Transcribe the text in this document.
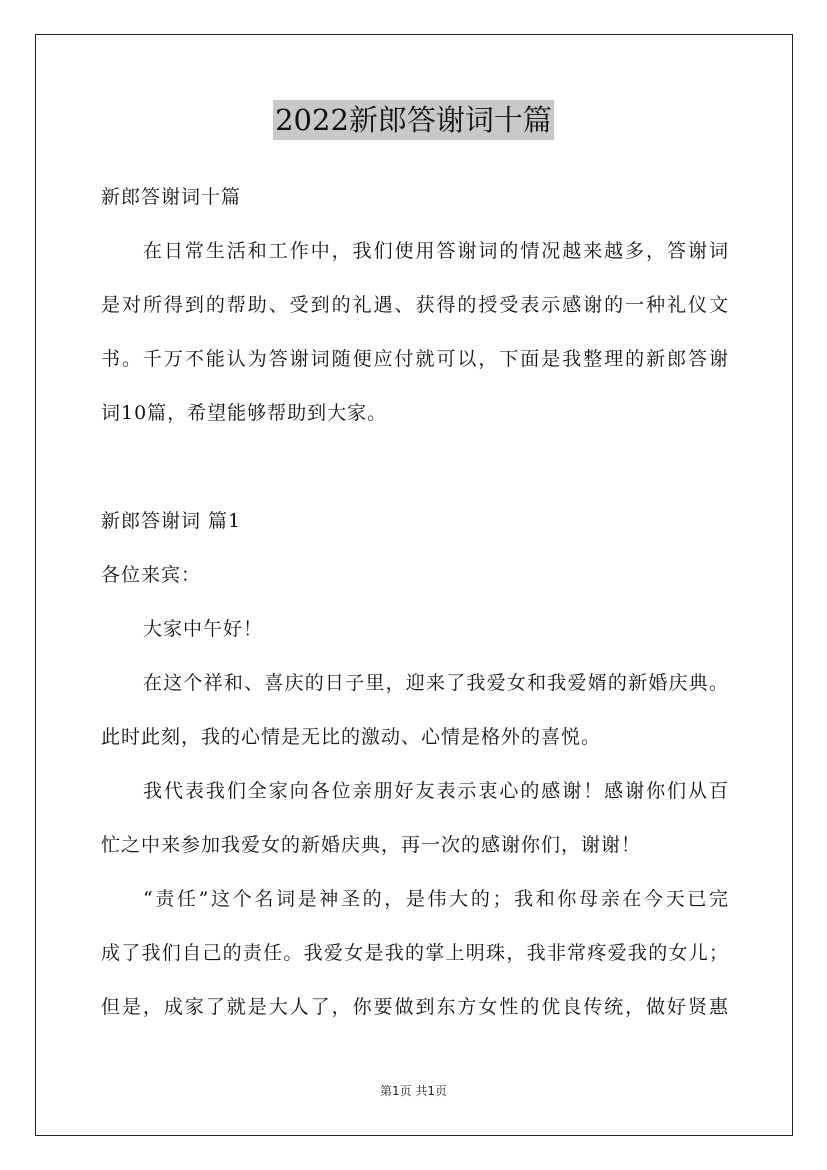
2022新郎答谢词十篇
新郎答谢词十篇
在日常生活和工作中，我们使用答谢词的情况越来越多，答谢词
是对所得到的帮助、受到的礼遇、获得的授受表示感谢的一种礼仪文
书。千万不能认为答谢词随便应付就可以，下面是我整理的新郎答谢
词10篇，希望能够帮助到大家。
新郎答谢词 篇1
各位来宾：
大家中午好！
在这个祥和、喜庆的日子里，迎来了我爱女和我爱婿的新婚庆典。
此时此刻，我的心情是无比的激动、心情是格外的喜悦。
我代表我们全家向各位亲朋好友表示衷心的感谢！感谢你们从百
忙之中来参加我爱女的新婚庆典，再一次的感谢你们，谢谢！
“责任”这个名词是神圣的，是伟大的；我和你母亲在今天已完
成了我们自己的责任。我爱女是我的掌上明珠，我非常疼爱我的女儿；
但是，成家了就是大人了，你要做到东方女性的优良传统，做好贤惠
第1页 共1页
